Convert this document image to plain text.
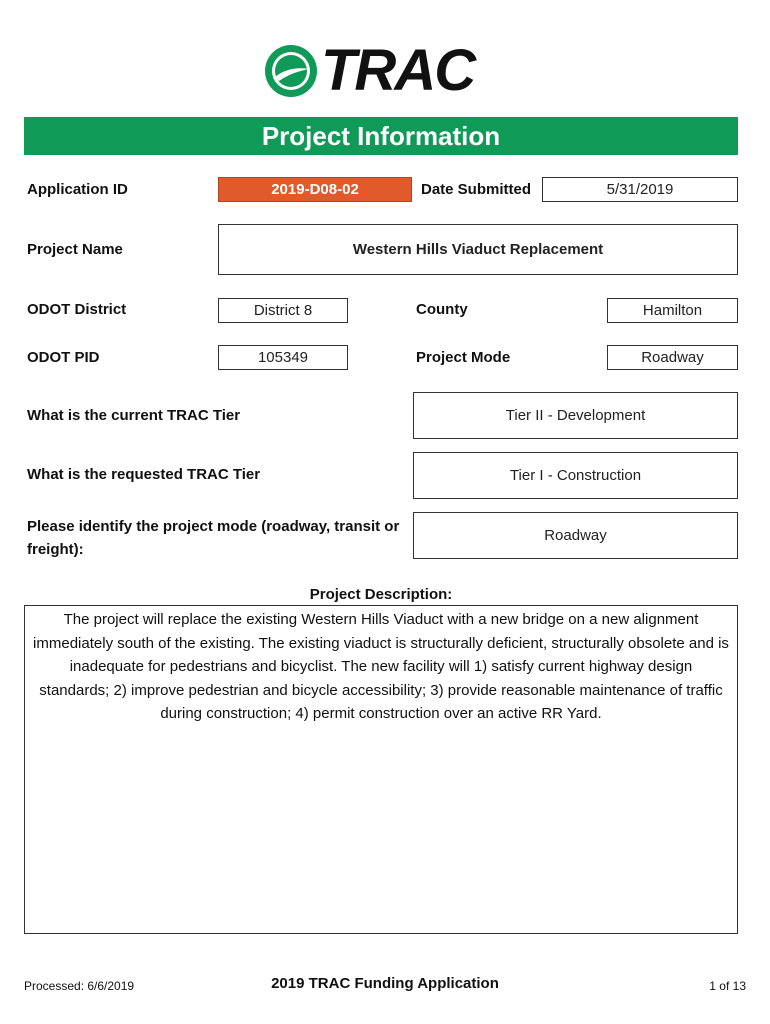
TRAC
Project Information
Application ID	2019-D08-02	Date Submitted	5/31/2019
Project Name	Western Hills Viaduct Replacement
ODOT District	District 8	County	Hamilton
ODOT PID	105349	Project Mode	Roadway
What is the current TRAC Tier	Tier II - Development
What is the requested TRAC Tier	Tier I - Construction
Please identify the project mode (roadway, transit or freight):
Roadway
Project Description:
The project will replace the existing Western Hills Viaduct with a new bridge on a new alignment immediately south of the existing. The existing viaduct is structurally deficient, structurally obsolete and is inadequate for pedestrians and bicyclist. The new facility will 1) satisfy current highway design standards; 2) improve pedestrian and bicycle accessibility; 3) provide reasonable maintenance of traffic during construction; 4) permit construction over an active RR Yard.
Processed: 6/6/2019	2019 TRAC Funding Application	1 of 13
